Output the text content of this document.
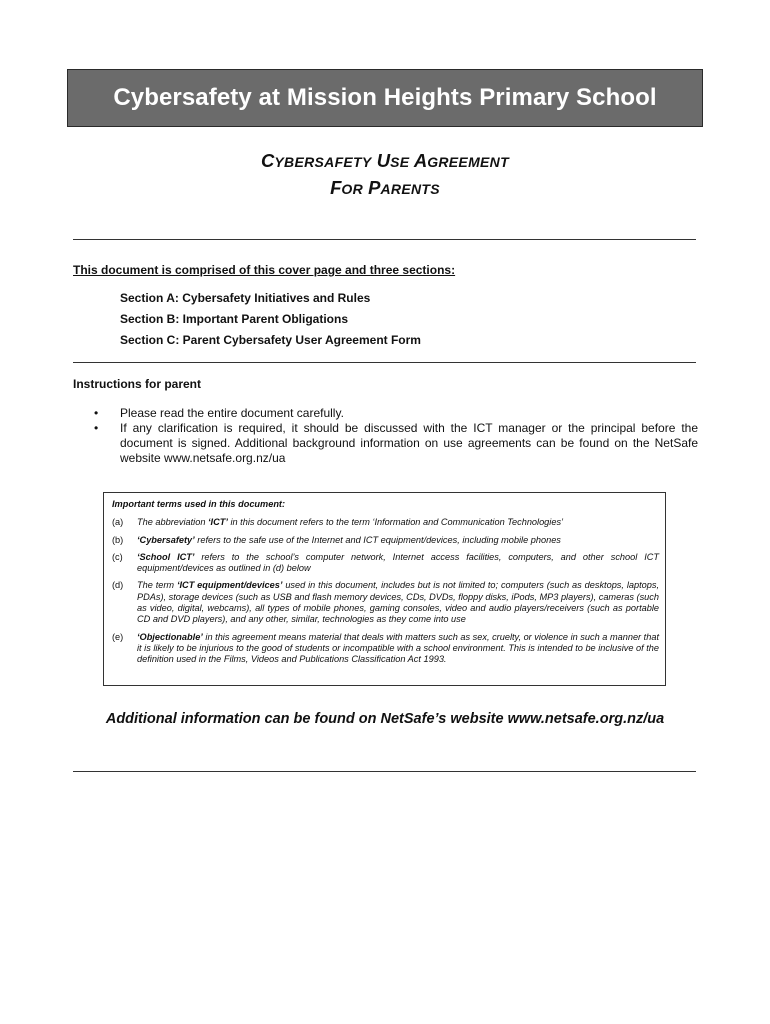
Cybersafety at Mission Heights Primary School
CYBERSAFETY USE AGREEMENT
FOR PARENTS
This document is comprised of this cover page and three sections:
Section A: Cybersafety Initiatives and Rules
Section B: Important Parent Obligations
Section C: Parent Cybersafety User Agreement Form
Instructions for parent
•	Please read the entire document carefully.
•	If any clarification is required, it should be discussed with the ICT manager or the principal before the document is signed. Additional background information on use agreements can be found on the NetSafe website www.netsafe.org.nz/ua
Important terms used in this document:
(a)	The abbreviation ‘ICT’ in this document refers to the term ‘Information and Communication Technologies’
(b)	‘Cybersafety’ refers to the safe use of the Internet and ICT equipment/devices, including mobile phones
(c)	‘School ICT’ refers to the school’s computer network, Internet access facilities, computers, and other school ICT equipment/devices as outlined in (d) below
(d)	The term ‘ICT equipment/devices’ used in this document, includes but is not limited to; computers (such as desktops, laptops, PDAs), storage devices (such as USB and flash memory devices, CDs, DVDs, floppy disks, iPods, MP3 players), cameras (such as video, digital, webcams), all types of mobile phones, gaming consoles, video and audio players/receivers (such as portable CD and DVD players), and any other, similar, technologies as they come into use
(e)	‘Objectionable’ in this agreement means material that deals with matters such as sex, cruelty, or violence in such a manner that it is likely to be injurious to the good of students or incompatible with a school environment. This is intended to be inclusive of the definition used in the Films, Videos and Publications Classification Act 1993.
Additional information can be found on NetSafe’s website www.netsafe.org.nz/ua
